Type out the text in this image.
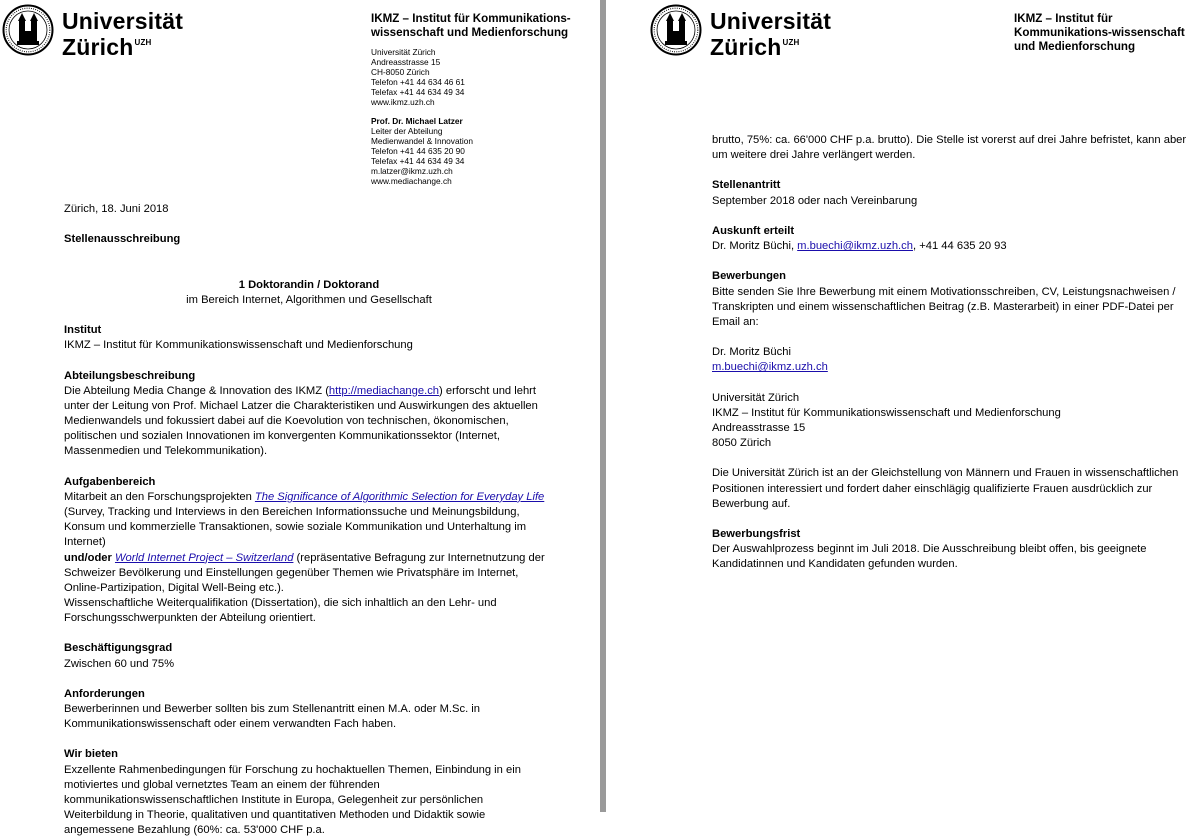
Universität
Zürich$^{UZH}$
IKMZ – Institut für Kommunikations-wissenschaft und Medienforschung
Universität Zürich
Andreasstrasse 15
CH-8050 Zürich
Telefon +41 44 634 46 61
Telefax +41 44 634 49 34
www.ikmz.uzh.ch
Prof. Dr. Michael Latzer
Leiter der Abteilung
Medienwandel & Innovation
Telefon +41 44 635 20 90
Telefax +41 44 634 49 34
m.latzer@ikmz.uzh.ch
www.mediachange.ch

Zürich, 18. Juni 2018

Stellenausschreibung

1 Doktorandin / Doktorand

im Bereich Internet, Algorithmen und Gesellschaft

Institut

IKMZ – Institut für Kommunikationswissenschaft und Medienforschung

Abteilungsbeschreibung

Die Abteilung Media Change & Innovation des IKMZ (http://mediachange.ch) erforscht und lehrt unter der Leitung von Prof. Michael Latzer die Charakteristiken und Auswirkungen des aktuellen Medienwandels und fokussiert dabei auf die Koevolution von technischen, ökonomischen, politischen und sozialen Innovationen im konvergenten Kommunikationssektor (Internet, Massenmedien und Telekommunikation).

Aufgabenbereich

Mitarbeit an den Forschungsprojekten The Significance of Algorithmic Selection for Everyday Life

(Survey, Tracking und Interviews in den Bereichen Informationssuche und Meinungsbildung, Konsum und kommerzielle Transaktionen, sowie soziale Kommunikation und Unterhaltung im Internet)

und/oder World Internet Project – Switzerland (repräsentative Befragung zur Internetnutzung der Schweizer Bevölkerung und Einstellungen gegenüber Themen wie Privatsphäre im Internet, Online-Partizipation, Digital Well-Being etc.).

Wissenschaftliche Weiterqualifikation (Dissertation), die sich inhaltlich an den Lehr- und Forschungsschwerpunkten der Abteilung orientiert.

Beschäftigungsgrad

Zwischen 60 und 75%

Anforderungen

Bewerberinnen und Bewerber sollten bis zum Stellenantritt einen M.A. oder M.Sc. in Kommunikationswissenschaft oder einem verwandten Fach haben.

Wir bieten

Exzellente Rahmenbedingungen für Forschung zu hochaktuellen Themen, Einbindung in ein motiviertes und global vernetztes Team an einem der führenden kommunikationswissenschaftlichen Institute in Europa, Gelegenheit zur persönlichen Weiterbildung in Theorie, qualitativen und quantitativen Methoden und Didaktik sowie angemessene Bezahlung (60%: ca. 53'000 CHF p.a.

Universität
Zürich$^{UZH}$
IKMZ – Institut für Kommunikations-wissenschaft und Medienforschung

brutto, 75%: ca. 66'000 CHF p.a. brutto). Die Stelle ist vorerst auf drei Jahre befristet, kann aber um weitere drei Jahre verlängert werden.

Stellenantritt

September 2018 oder nach Vereinbarung

Auskunft erteilt

Dr. Moritz Büchi, m.buechi@ikmz.uzh.ch, +41 44 635 20 93

Bewerbungen

Bitte senden Sie Ihre Bewerbung mit einem Motivationsschreiben, CV, Leistungsnachweisen / Transkripten und einem wissenschaftlichen Beitrag (z.B. Masterarbeit) in einer PDF-Datei per Email an:

Dr. Moritz Büchi

m.buechi@ikmz.uzh.ch

Universität Zürich

IKMZ – Institut für Kommunikationswissenschaft und Medienforschung

Andreasstrasse 15

8050 Zürich

Die Universität Zürich ist an der Gleichstellung von Männern und Frauen in wissenschaftlichen Positionen interessiert und fordert daher einschlägig qualifizierte Frauen ausdrücklich zur Bewerbung auf.

Bewerbungsfrist

Der Auswahlprozess beginnt im Juli 2018. Die Ausschreibung bleibt offen, bis geeignete Kandidatinnen und Kandidaten gefunden wurden.
